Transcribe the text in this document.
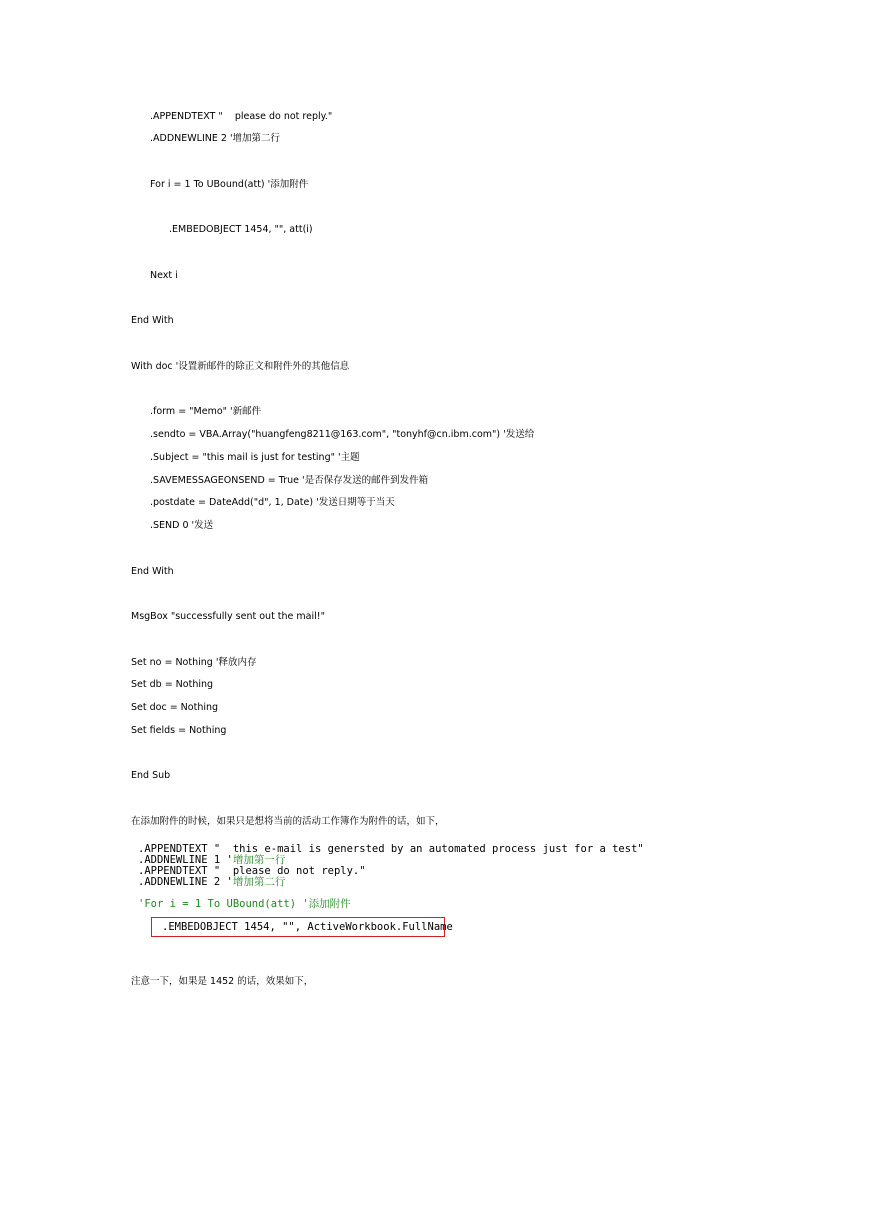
.APPENDTEXT "    please do not reply."
.ADDNEWLINE 2 '增加第二行
For i = 1 To UBound(att) '添加附件
.EMBEDOBJECT 1454, "", att(i)
Next i
End With
With doc '设置新邮件的除正文和附件外的其他信息
.form = "Memo" '新邮件
.sendto = VBA.Array("huangfeng8211@163.com", "tonyhf@cn.ibm.com") '发送给
.Subject = "this mail is just for testing" '主题
.SAVEMESSAGEONSEND = True '是否保存发送的邮件到发件箱
.postdate = DateAdd("d", 1, Date) '发送日期等于当天
.SEND 0 '发送
End With
MsgBox "successfully sent out the mail!"
Set no = Nothing '释放内存
Set db = Nothing
Set doc = Nothing
Set fields = Nothing
End Sub
在添加附件的时候，如果只是想将当前的活动工作簿作为附件的话，如下，
.APPENDTEXT "  this e-mail is genersted by an automated process just for a test"
.ADDNEWLINE 1 '增加第一行
.APPENDTEXT "  please do not reply."
.ADDNEWLINE 2 '增加第二行
'For i = 1 To UBound(att) '添加附件
.EMBEDOBJECT 1454, "", ActiveWorkbook.FullName
注意一下，如果是 1452 的话，效果如下，
